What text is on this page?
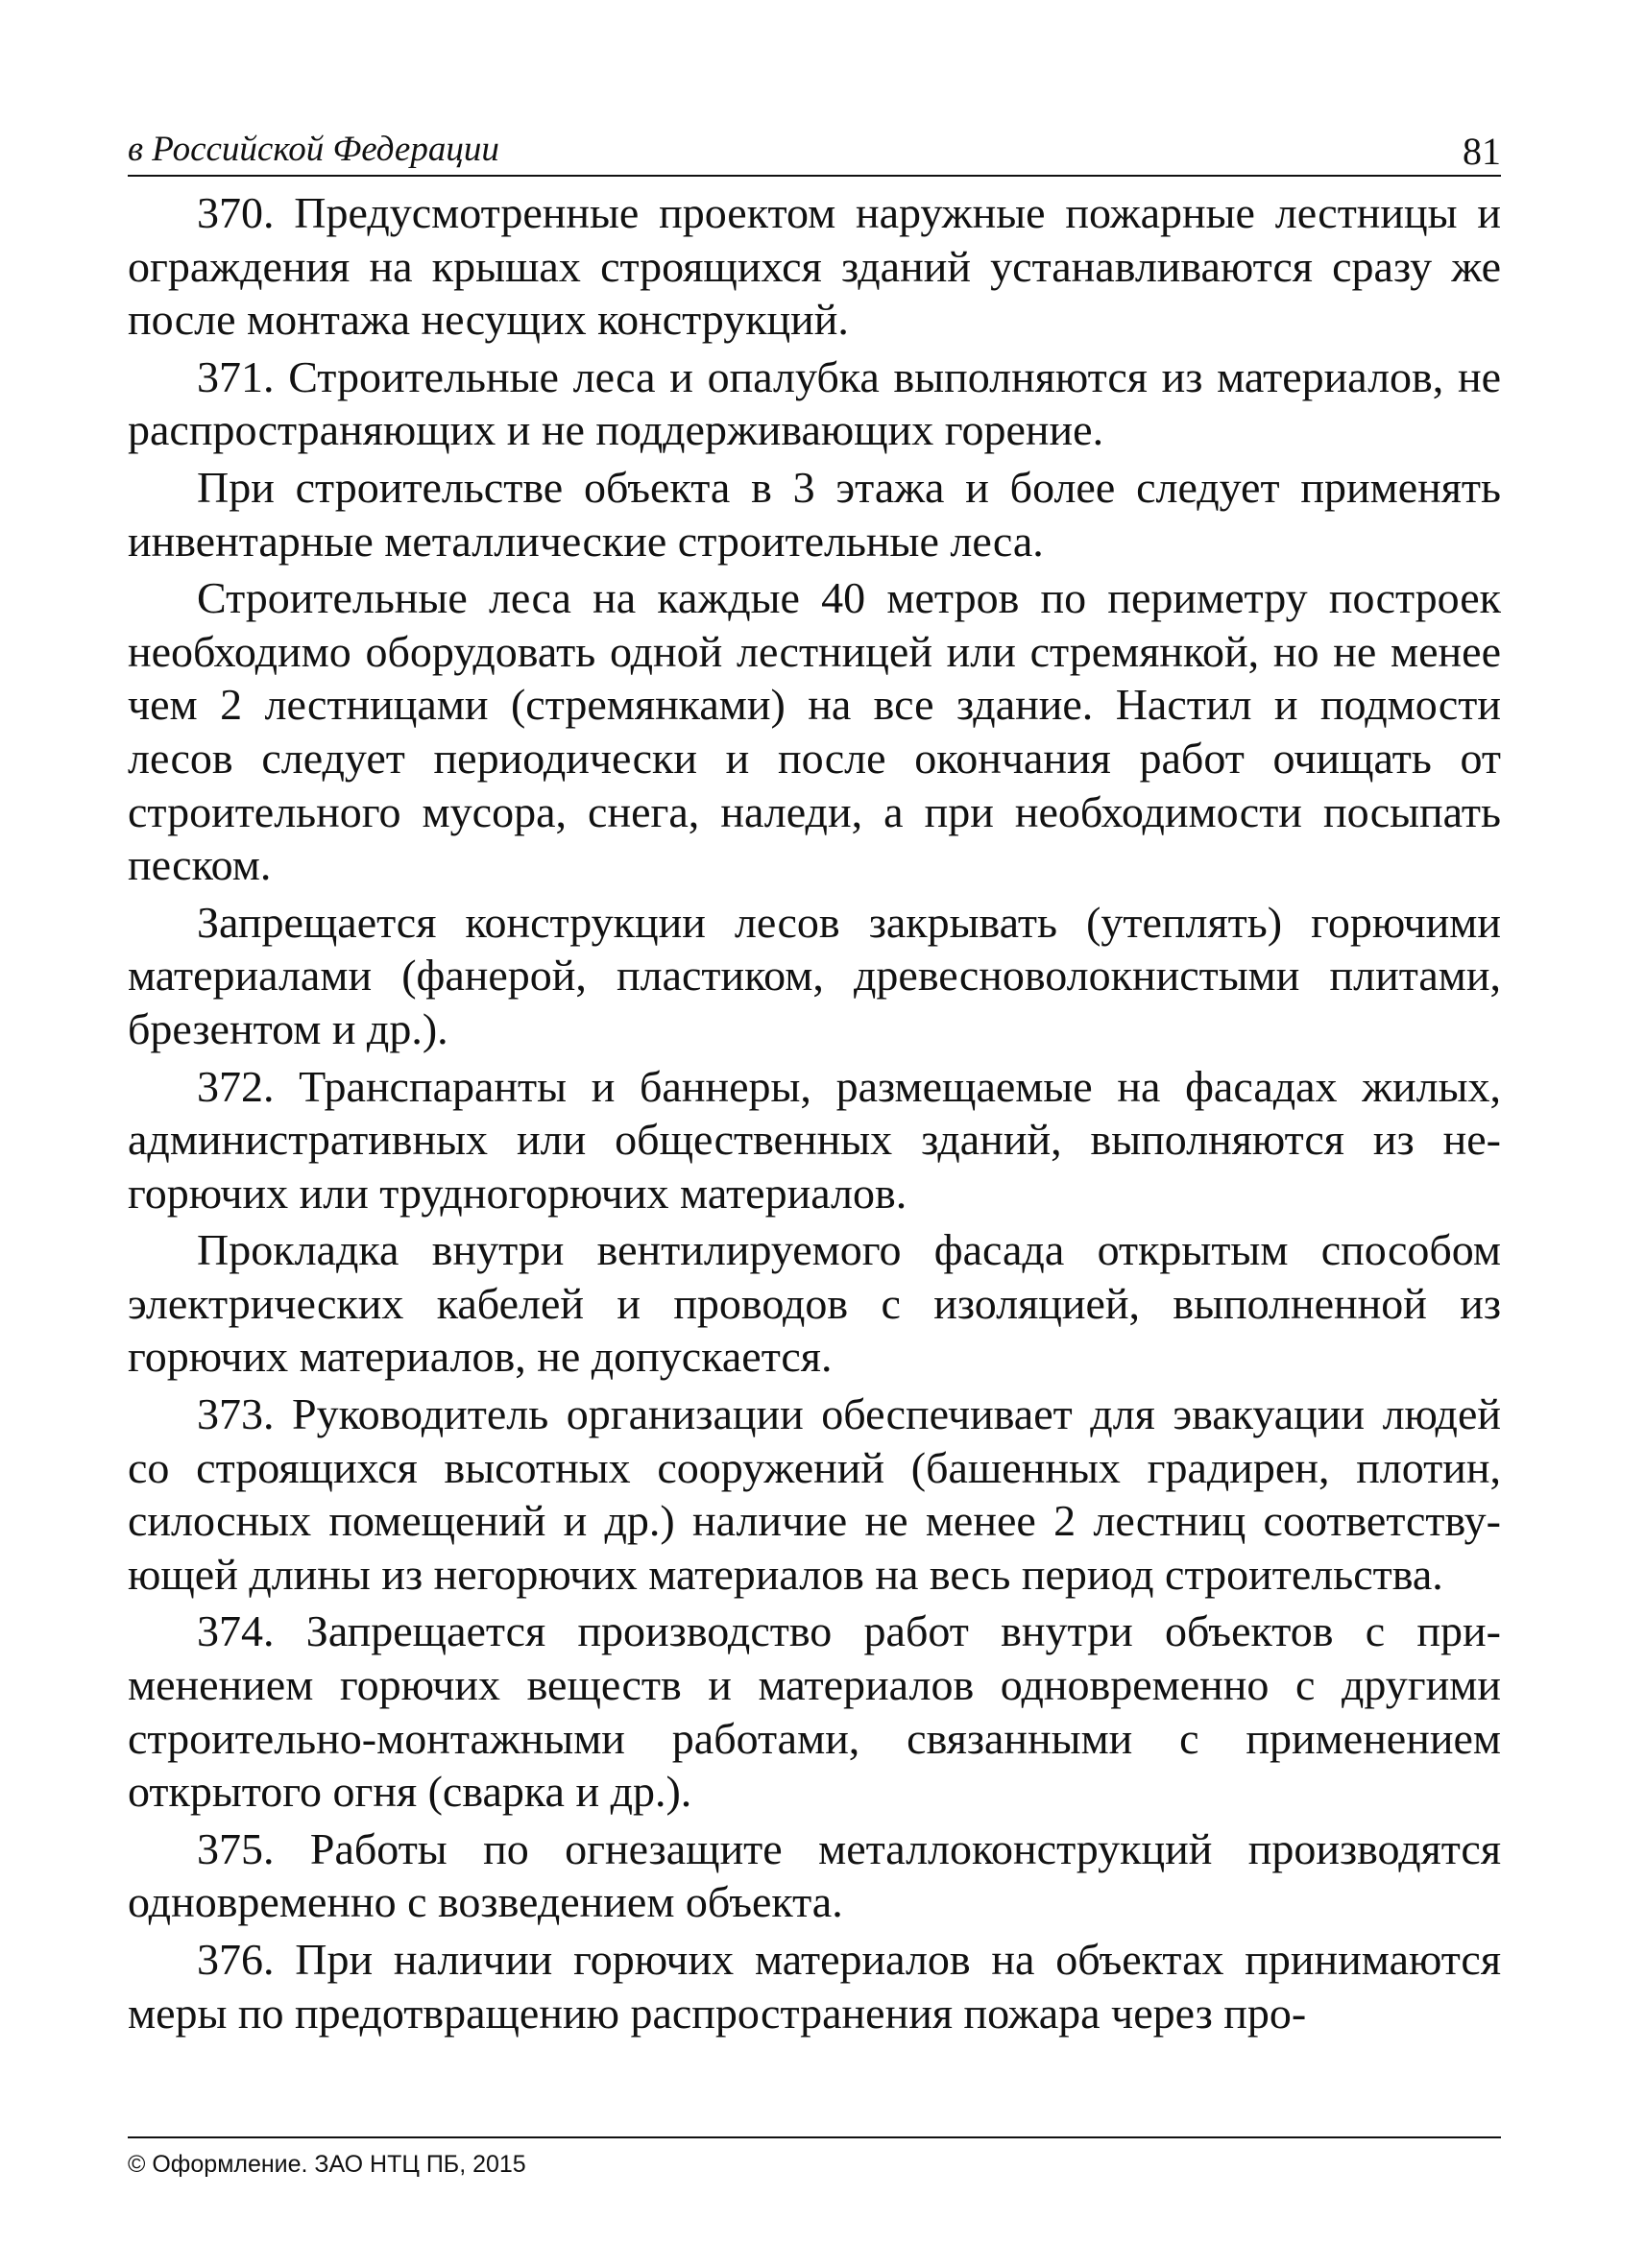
в Российской Федерации	81

370. Предусмотренные проектом наружные пожарные лестницы и ограждения на крышах строящихся зданий устанавливаются сразу же после монтажа несущих конструкций.

371. Строительные леса и опалубка выполняются из материалов, не распространяющих и не поддерживающих горение.

При строительстве объекта в 3 этажа и более следует применять инвентарные металлические строительные леса.

Строительные леса на каждые 40 метров по периметру построек необходимо оборудовать одной лестницей или стремянкой, но не менее чем 2 лестницами (стремянками) на все здание. Настил и подмости лесов следует периодически и после окончания работ очищать от строительного мусора, снега, наледи, а при необходимости посыпать песком.

Запрещается конструкции лесов закрывать (утеплять) горючими материалами (фанерой, пластиком, древесноволокнистыми плитами, брезентом и др.).

372. Транспаранты и баннеры, размещаемые на фасадах жилых, административных или общественных зданий, выполняются из негорючих или трудногорючих материалов.

Прокладка внутри вентилируемого фасада открытым способом электрических кабелей и проводов с изоляцией, выполненной из горючих материалов, не допускается.

373. Руководитель организации обеспечивает для эвакуации людей со строящихся высотных сооружений (башенных градирен, плотин, силосных помещений и др.) наличие не менее 2 лестниц соответствующей длины из негорючих материалов на весь период строительства.

374. Запрещается производство работ внутри объектов с применением горючих веществ и материалов одновременно с другими строительно-монтажными работами, связанными с применением открытого огня (сварка и др.).

375. Работы по огнезащите металлоконструкций производятся одновременно с возведением объекта.

376. При наличии горючих материалов на объектах принимаются меры по предотвращению распространения пожара через про-

© Оформление. ЗАО НТЦ ПБ, 2015
